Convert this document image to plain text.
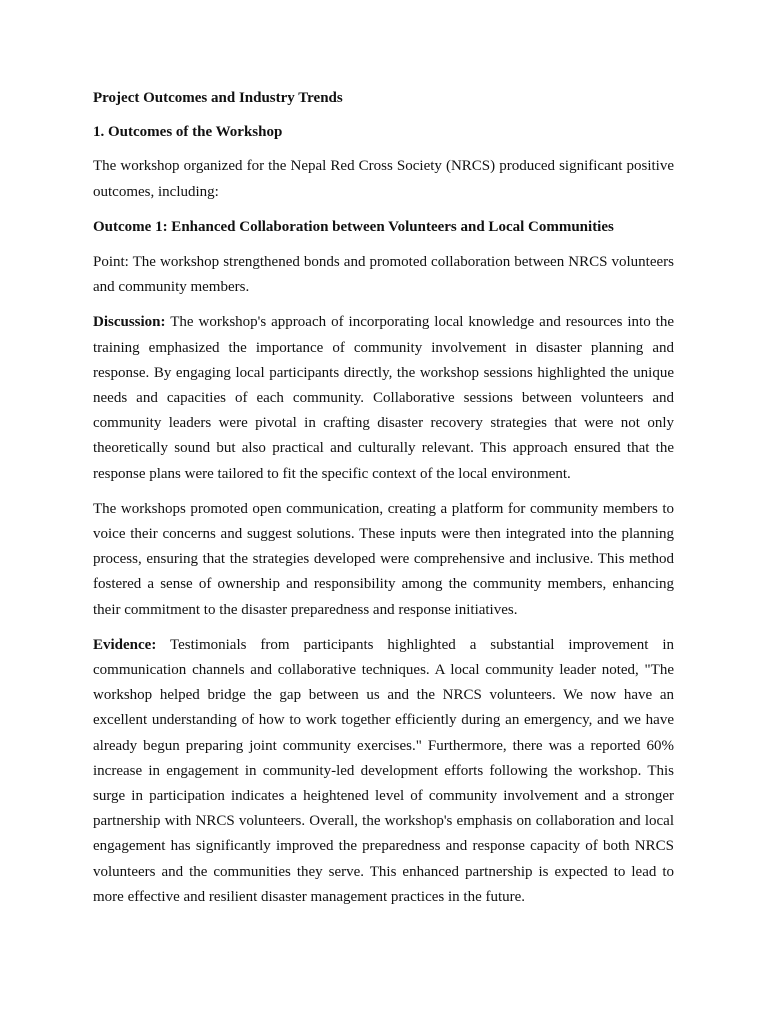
Project Outcomes and Industry Trends

1. Outcomes of the Workshop

The workshop organized for the Nepal Red Cross Society (NRCS) produced significant positive outcomes, including:

Outcome 1: Enhanced Collaboration between Volunteers and Local Communities

Point: The workshop strengthened bonds and promoted collaboration between NRCS volunteers and community members.

Discussion: The workshop's approach of incorporating local knowledge and resources into the training emphasized the importance of community involvement in disaster planning and response. By engaging local participants directly, the workshop sessions highlighted the unique needs and capacities of each community. Collaborative sessions between volunteers and community leaders were pivotal in crafting disaster recovery strategies that were not only theoretically sound but also practical and culturally relevant. This approach ensured that the response plans were tailored to fit the specific context of the local environment.

The workshops promoted open communication, creating a platform for community members to voice their concerns and suggest solutions. These inputs were then integrated into the planning process, ensuring that the strategies developed were comprehensive and inclusive. This method fostered a sense of ownership and responsibility among the community members, enhancing their commitment to the disaster preparedness and response initiatives.

Evidence: Testimonials from participants highlighted a substantial improvement in communication channels and collaborative techniques. A local community leader noted, "The workshop helped bridge the gap between us and the NRCS volunteers. We now have an excellent understanding of how to work together efficiently during an emergency, and we have already begun preparing joint community exercises." Furthermore, there was a reported 60% increase in engagement in community-led development efforts following the workshop. This surge in participation indicates a heightened level of community involvement and a stronger partnership with NRCS volunteers. Overall, the workshop's emphasis on collaboration and local engagement has significantly improved the preparedness and response capacity of both NRCS volunteers and the communities they serve. This enhanced partnership is expected to lead to more effective and resilient disaster management practices in the future.
